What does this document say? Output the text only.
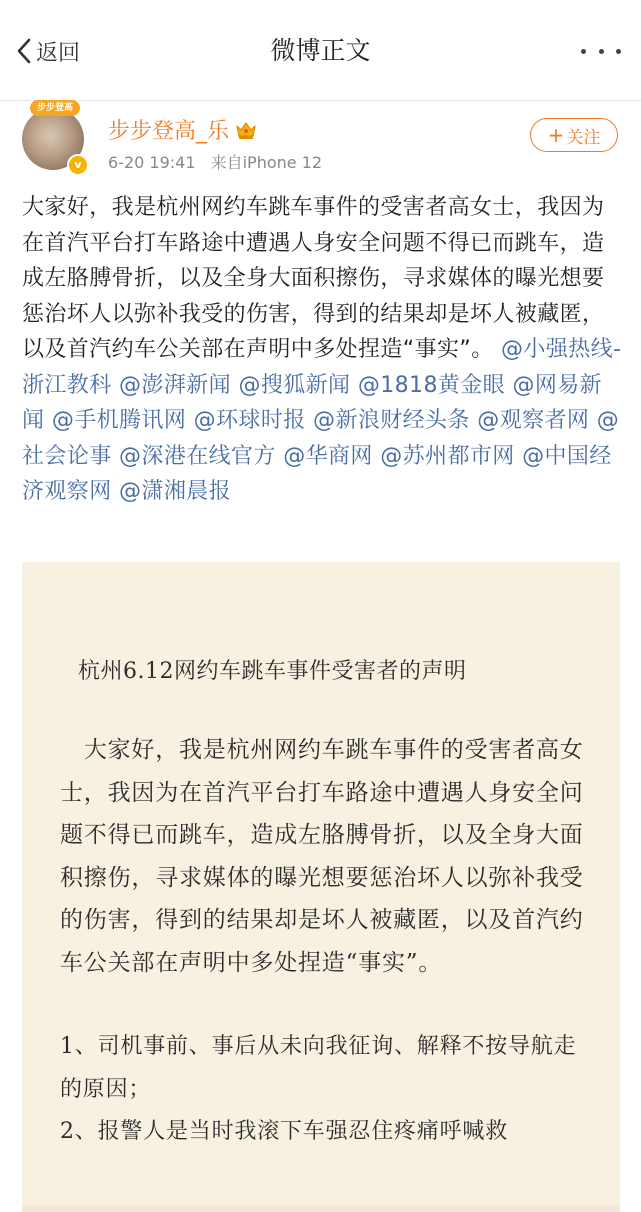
返回	微博正文
步步登高
v
步步登高_乐
6-20 19:41 来自iPhone 12
+ 关注
大家好，我是杭州网约车跳车事件的受害者高女士，我因为在首汽平台打车路途中遭遇人身安全问题不得已而跳车，造成左胳膊骨折，以及全身大面积擦伤，寻求媒体的曝光想要惩治坏人以弥补我受的伤害，得到的结果却是坏人被藏匿，以及首汽约车公关部在声明中多处捏造“事实”。 @小强热线-浙江教科 @澎湃新闻 @搜狐新闻 @1818黄金眼 @网易新闻 @手机腾讯网 @环球时报 @新浪财经头条 @观察者网 @社会论事 @深港在线官方 @华商网 @苏州都市网 @中国经济观察网 @潇湘晨报
杭州6.12网约车跳车事件受害者的声明

 大家好，我是杭州网约车跳车事件的受害者高女士，我因为在首汽平台打车路途中遭遇人身安全问题不得已而跳车，造成左胳膊骨折，以及全身大面积擦伤，寻求媒体的曝光想要惩治坏人以弥补我受的伤害，得到的结果却是坏人被藏匿，以及首汽约车公关部在声明中多处捏造“事实”。

1、司机事前、事后从未向我征询、解释不按导航走的原因；

2、报警人是当时我滚下车强忍住疼痛呼喊救
